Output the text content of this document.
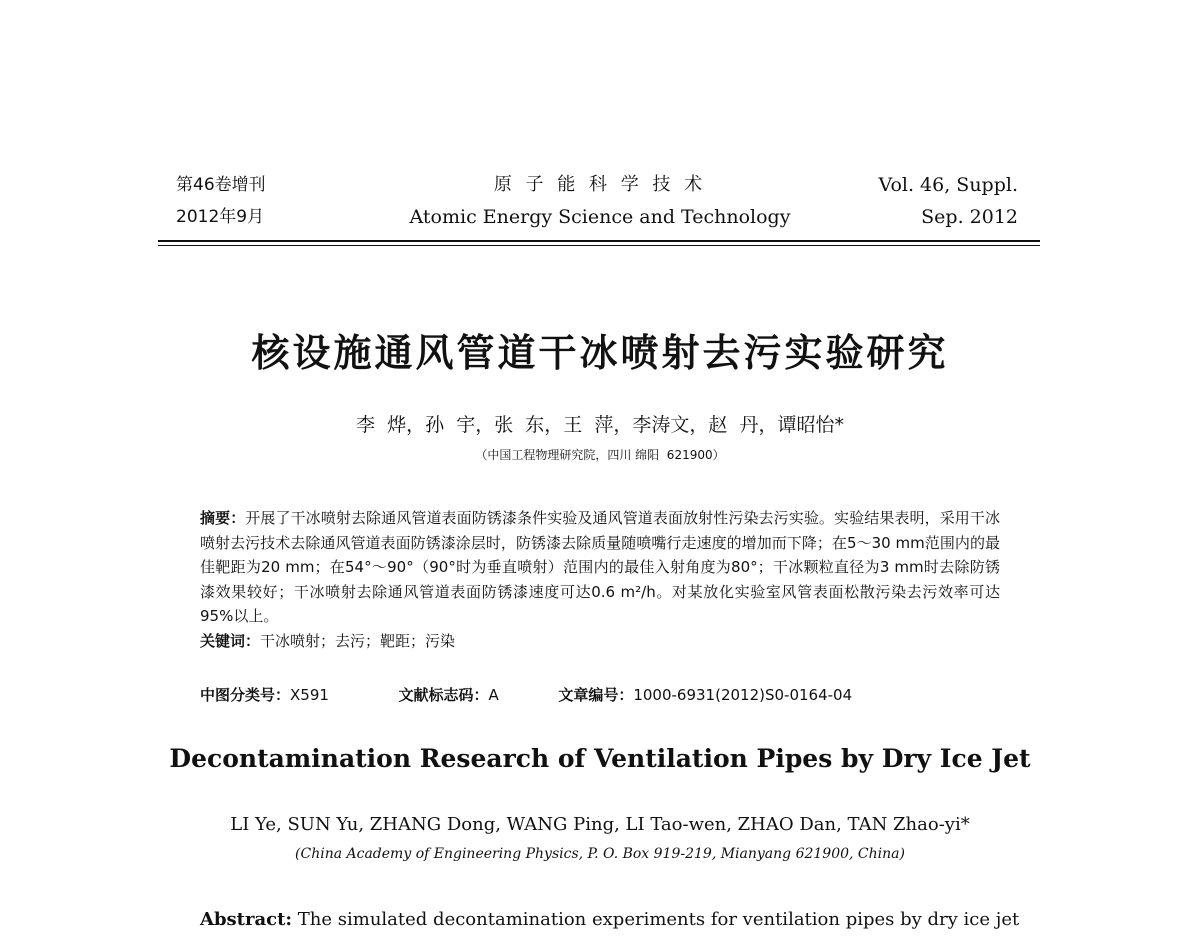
第46卷增刊
2012年9月
原 子 能 科 学 技 术
Atomic Energy Science and Technology
Vol. 46, Suppl.
Sep. 2012
核设施通风管道干冰喷射去污实验研究
李  烨，孙  宇，张  东，王  萍，李涛文，赵  丹，谭昭怡*
（中国工程物理研究院，四川 绵阳  621900）

摘要：开展了干冰喷射去除通风管道表面防锈漆条件实验及通风管道表面放射性污染去污实验。实验结果表明，采用干冰喷射去污技术去除通风管道表面防锈漆涂层时，防锈漆去除质量随喷嘴行走速度的增加而下降；在5～30 mm范围内的最佳靶距为20 mm；在54°～90°（90°时为垂直喷射）范围内的最佳入射角度为80°；干冰颗粒直径为3 mm时去除防锈漆效果较好；干冰喷射去除通风管道表面防锈漆速度可达0.6 m²/h。对某放化实验室风管表面松散污染去污效率可达95%以上。

关键词：干冰喷射；去污；靶距；污染

中图分类号：X591	文献标志码：A	文章编号：1000-6931(2012)S0-0164-04
Decontamination Research of Ventilation Pipes by Dry Ice Jet
LI Ye, SUN Yu, ZHANG Dong, WANG Ping, LI Tao-wen, ZHAO Dan, TAN Zhao-yi*
(China Academy of Engineering Physics, P. O. Box 919-219, Mianyang 621900, China)
Abstract: The simulated decontamination experiments for ventilation pipes by dry ice jet
